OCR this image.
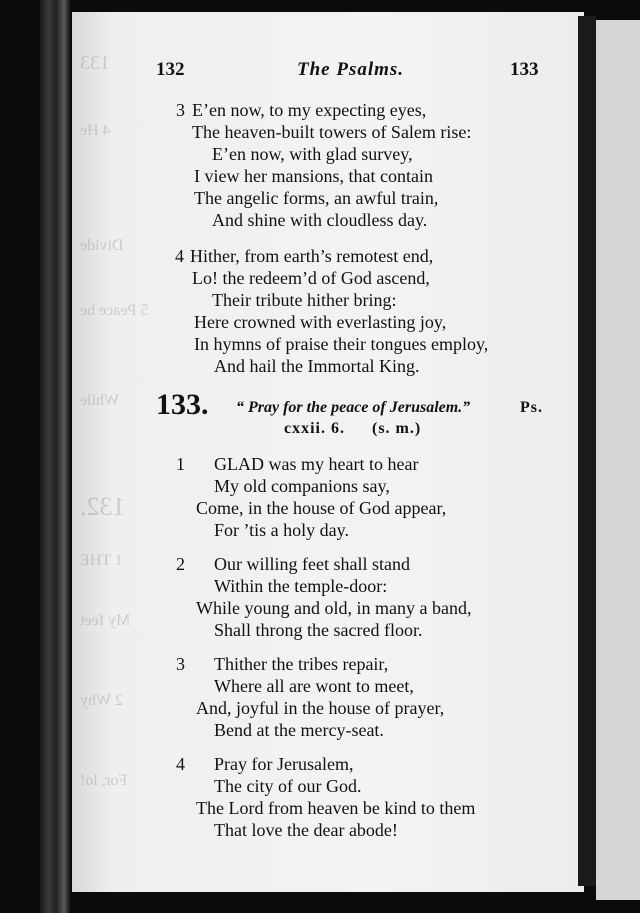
133
4 He
Divide
5 Peace be
While
132.
1 THE
My feet
2 Why
For, lo!
132	The Psalms.	133
3 E’en now, to my expecting eyes,
The heaven-built towers of Salem rise:
E’en now, with glad survey,
I view her mansions, that contain
The angelic forms, an awful train,
And shine with cloudless day.
4 Hither, from earth’s remotest end,
Lo! the redeem’d of God ascend,
Their tribute hither bring:
Here crowned with everlasting joy,
In hymns of praise their tongues employ,
And hail the Immortal King.
133. “ Pray for the peace of Jerusalem.”	Ps.
cxxii. 6. (s. m.)
1 GLAD was my heart to hear
My old companions say,
Come, in the house of God appear,
For ’tis a holy day.
2 Our willing feet shall stand
Within the temple-door:
While young and old, in many a band,
Shall throng the sacred floor.
3 Thither the tribes repair,
Where all are wont to meet,
And, joyful in the house of prayer,
Bend at the mercy-seat.
4 Pray for Jerusalem,
The city of our God.
The Lord from heaven be kind to them
That love the dear abode!
